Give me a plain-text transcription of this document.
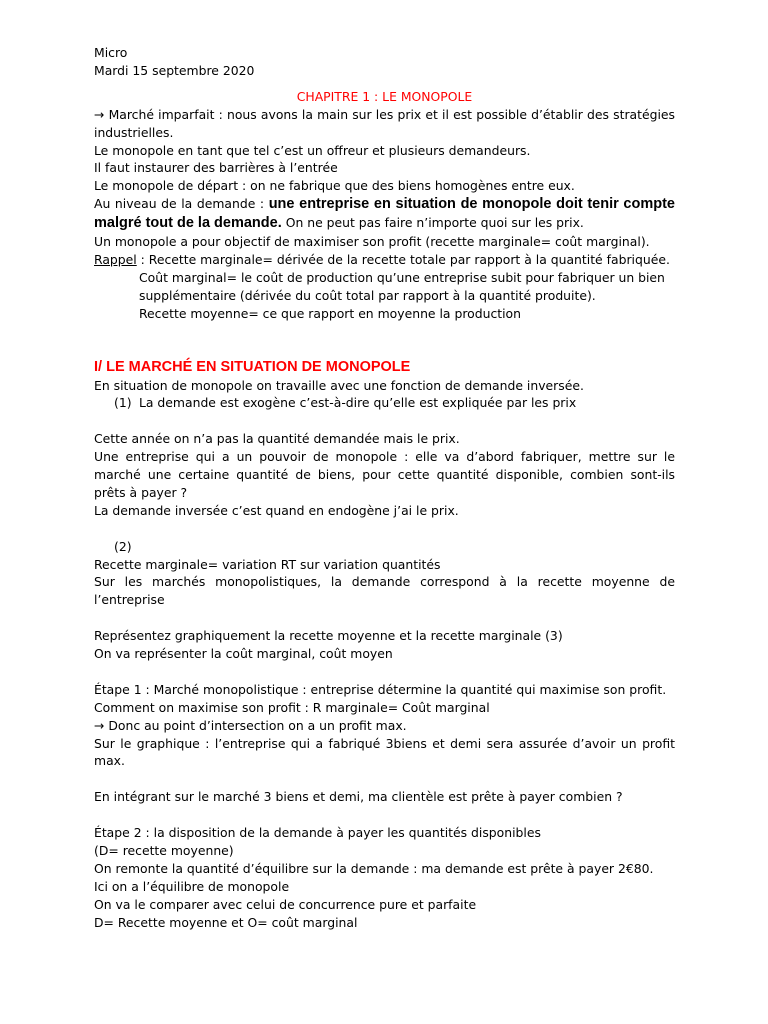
Micro

Mardi 15 septembre 2020

CHAPITRE 1 : LE MONOPOLE

→ Marché imparfait : nous avons la main sur les prix et il est possible d’établir des stratégies industrielles.

Le monopole en tant que tel c’est un offreur et plusieurs demandeurs.

Il faut instaurer des barrières à l’entrée

Le monopole de départ : on ne fabrique que des biens homogènes entre eux.

Au niveau de la demande : une entreprise en situation de monopole doit tenir compte malgré tout de la demande. On ne peut pas faire n’importe quoi sur les prix.

Un monopole a pour objectif de maximiser son profit (recette marginale= coût marginal).

Rappel : Recette marginale= dérivée de la recette totale par rapport à la quantité fabriquée.

Coût marginal= le coût de production qu’une entreprise subit pour fabriquer un bien supplémentaire (dérivée du coût total par rapport à la quantité produite).

Recette moyenne= ce que rapport en moyenne la production

I/ LE MARCHÉ EN SITUATION DE MONOPOLE

En situation de monopole on travaille avec une fonction de demande inversée.

(1) La demande est exogène c’est-à-dire qu’elle est expliquée par les prix

Cette année on n’a pas la quantité demandée mais le prix.

Une entreprise qui a un pouvoir de monopole : elle va d’abord fabriquer, mettre sur le marché une certaine quantité de biens, pour cette quantité disponible, combien sont-ils prêts à payer ?

La demande inversée c’est quand en endogène j’ai le prix.

(2)

Recette marginale= variation RT sur variation quantités

Sur les marchés monopolistiques, la demande correspond à la recette moyenne de l’entreprise

Représentez graphiquement la recette moyenne et la recette marginale (3)

On va représenter la coût marginal, coût moyen

Étape 1 : Marché monopolistique : entreprise détermine la quantité qui maximise son profit.

Comment on maximise son profit : R marginale= Coût marginal

→ Donc au point d’intersection on a un profit max.

Sur le graphique : l’entreprise qui a fabriqué 3biens et demi sera assurée d’avoir un profit max.

En intégrant sur le marché 3 biens et demi, ma clientèle est prête à payer combien ?

Étape 2 : la disposition de la demande à payer les quantités disponibles

(D= recette moyenne)

On remonte la quantité d’équilibre sur la demande : ma demande est prête à payer 2€80.

Ici on a l’équilibre de monopole

On va le comparer avec celui de concurrence pure et parfaite

D= Recette moyenne et O= coût marginal
